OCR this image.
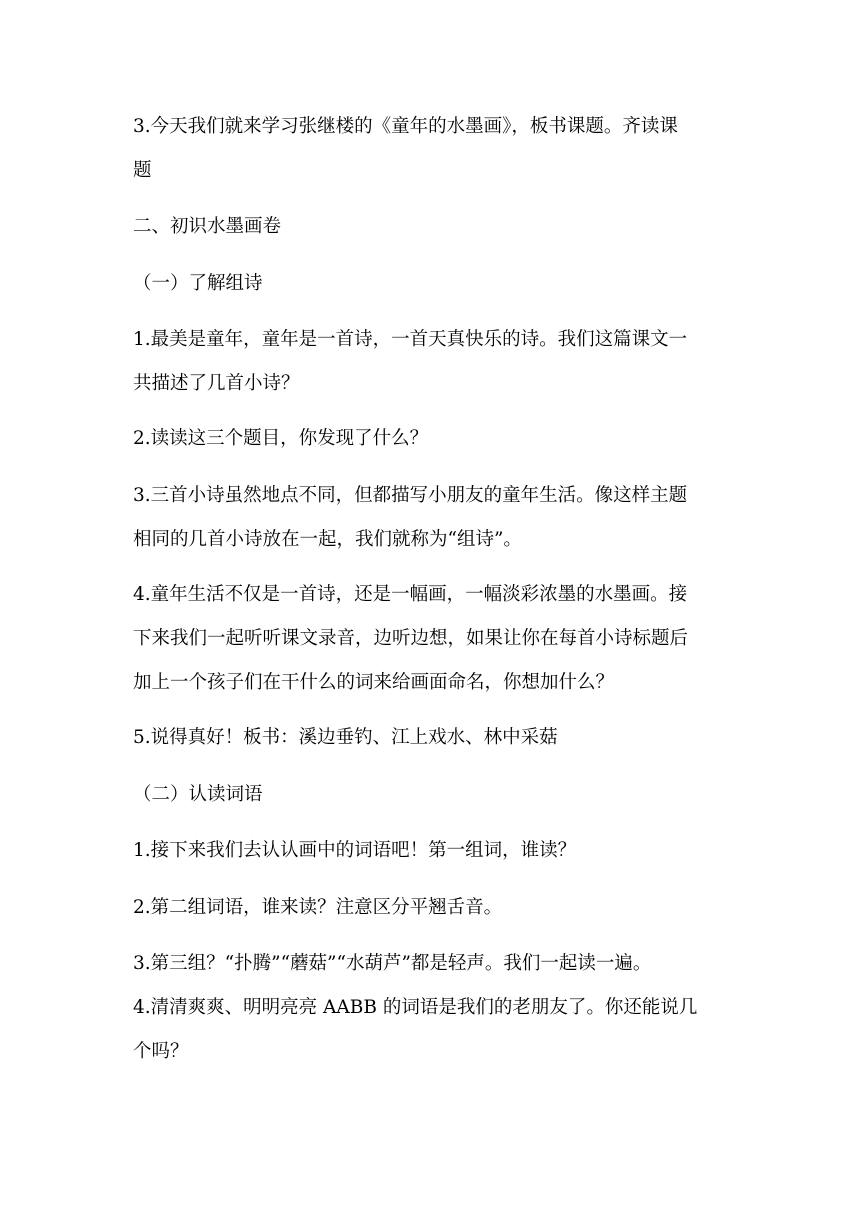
3.今天我们就来学习张继楼的《童年的水墨画》，板书课题。齐读课
题

二、初识水墨画卷

（一）了解组诗

1.最美是童年，童年是一首诗，一首天真快乐的诗。我们这篇课文一
共描述了几首小诗？

2.读读这三个题目，你发现了什么？

3.三首小诗虽然地点不同，但都描写小朋友的童年生活。像这样主题
相同的几首小诗放在一起，我们就称为“组诗”。

4.童年生活不仅是一首诗，还是一幅画，一幅淡彩浓墨的水墨画。接
下来我们一起听听课文录音，边听边想，如果让你在每首小诗标题后
加上一个孩子们在干什么的词来给画面命名，你想加什么？

5.说得真好！板书：溪边垂钓、江上戏水、林中采菇

（二）认读词语

1.接下来我们去认认画中的词语吧！第一组词，谁读？

2.第二组词语，谁来读？注意区分平翘舌音。

3.第三组？“扑腾”“蘑菇”“水葫芦”都是轻声。我们一起读一遍。

4.清清爽爽、明明亮亮 AABB 的词语是我们的老朋友了。你还能说几
个吗？
